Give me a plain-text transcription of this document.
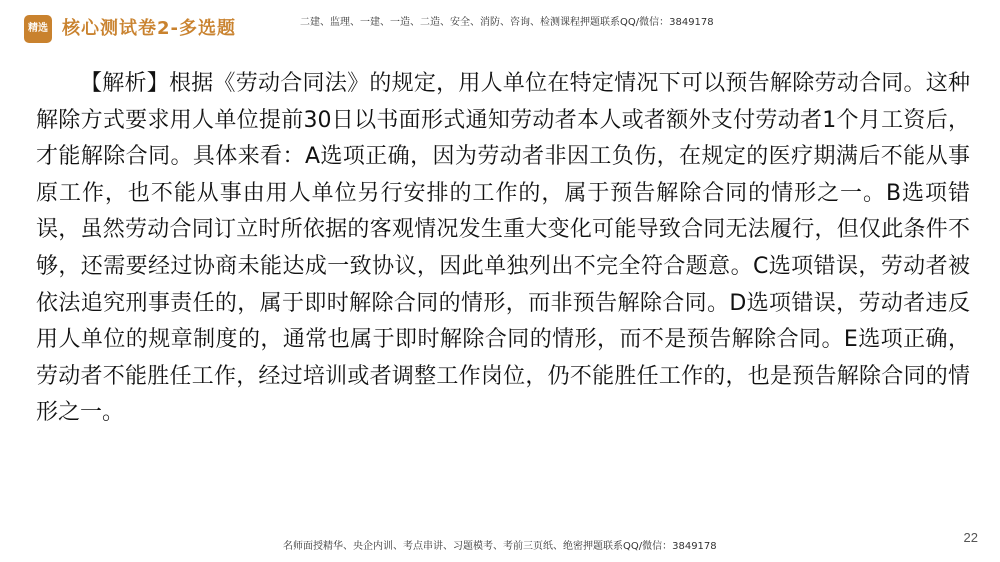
精选 核心测试卷2-多选题	二建、监理、一建、一造、二造、安全、消防、咨询、检测课程押题联系QQ/微信：3849178

【解析】根据《劳动合同法》的规定，用人单位在特定情况下可以预告解除劳动合同。这种解除方式要求用人单位提前30日以书面形式通知劳动者本人或者额外支付劳动者1个月工资后，才能解除合同。具体来看：A选项正确，因为劳动者非因工负伤，在规定的医疗期满后不能从事原工作，也不能从事由用人单位另行安排的工作的，属于预告解除合同的情形之一。B选项错误，虽然劳动合同订立时所依据的客观情况发生重大变化可能导致合同无法履行，但仅此条件不够，还需要经过协商未能达成一致协议，因此单独列出不完全符合题意。C选项错误，劳动者被依法追究刑事责任的，属于即时解除合同的情形，而非预告解除合同。D选项错误，劳动者违反用人单位的规章制度的，通常也属于即时解除合同的情形，而不是预告解除合同。E选项正确，劳动者不能胜任工作，经过培训或者调整工作岗位，仍不能胜任工作的，也是预告解除合同的情形之一。

名师面授精华、央企内训、考点串讲、习题模考、考前三页纸、绝密押题联系QQ/微信：3849178
22
